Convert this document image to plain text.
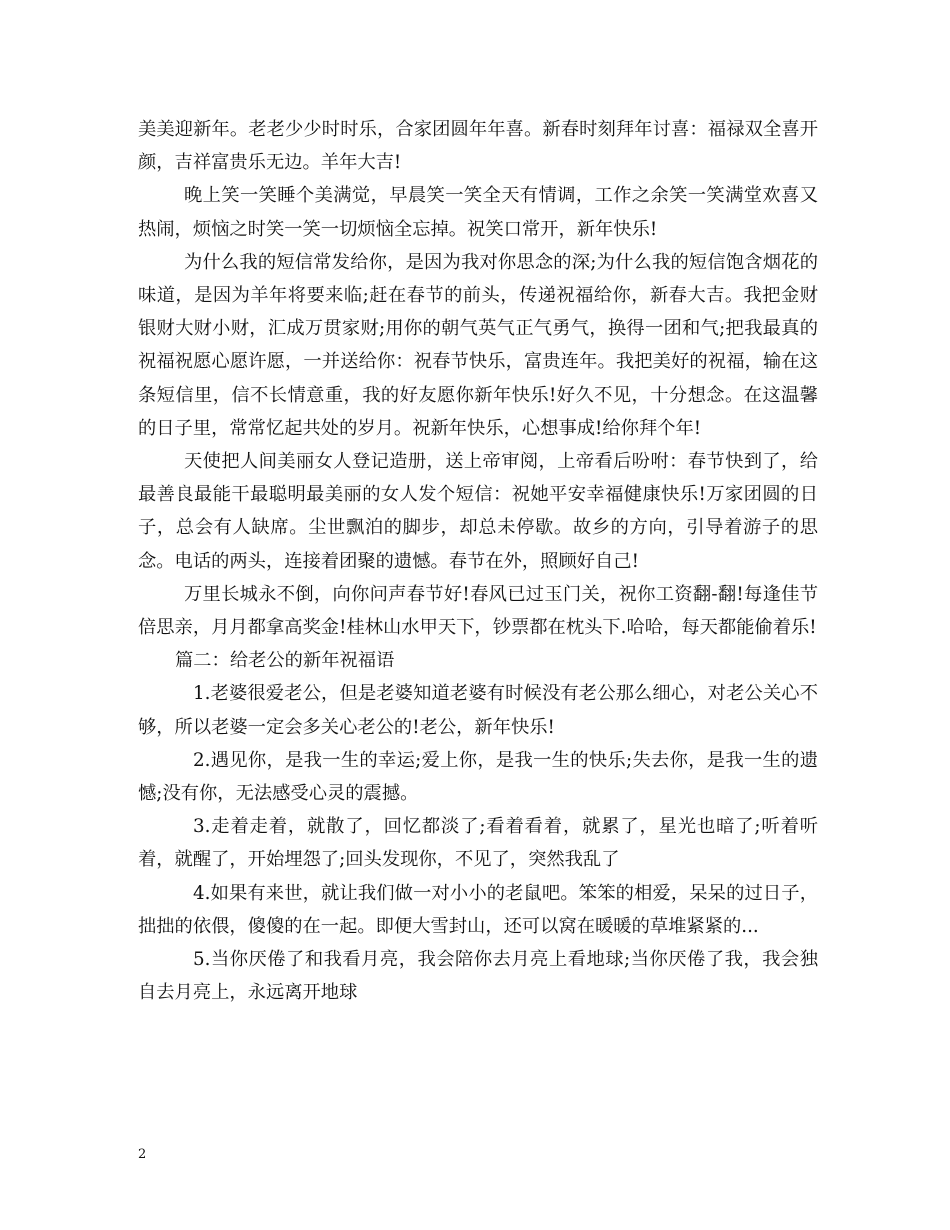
美美迎新年。老老少少时时乐，合家团圆年年喜。新春时刻拜年讨喜：福禄双全喜开颜，吉祥富贵乐无边。羊年大吉!

晚上笑一笑睡个美满觉，早晨笑一笑全天有情调，工作之余笑一笑满堂欢喜又热闹，烦恼之时笑一笑一切烦恼全忘掉。祝笑口常开，新年快乐!

为什么我的短信常发给你，是因为我对你思念的深;为什么我的短信饱含烟花的味道，是因为羊年将要来临;赶在春节的前头，传递祝福给你，新春大吉。我把金财银财大财小财，汇成万贯家财;用你的朝气英气正气勇气，换得一团和气;把我最真的祝福祝愿心愿许愿，一并送给你：祝春节快乐，富贵连年。我把美好的祝福，输在这条短信里，信不长情意重，我的好友愿你新年快乐!好久不见，十分想念。在这温馨的日子里，常常忆起共处的岁月。祝新年快乐，心想事成!给你拜个年!

天使把人间美丽女人登记造册，送上帝审阅，上帝看后吩咐：春节快到了，给最善良最能干最聪明最美丽的女人发个短信：祝她平安幸福健康快乐!万家团圆的日子，总会有人缺席。尘世飘泊的脚步，却总未停歇。故乡的方向，引导着游子的思念。电话的两头，连接着团聚的遗憾。春节在外，照顾好自己!

万里长城永不倒，向你问声春节好!春风已过玉门关，祝你工资翻-翻!每逢佳节倍思亲，月月都拿高奖金!桂林山水甲天下，钞票都在枕头下.哈哈，每天都能偷着乐!

篇二：给老公的新年祝福语

1.老婆很爱老公，但是老婆知道老婆有时候没有老公那么细心，对老公关心不够，所以老婆一定会多关心老公的!老公，新年快乐!

2.遇见你，是我一生的幸运;爱上你，是我一生的快乐;失去你，是我一生的遗憾;没有你，无法感受心灵的震撼。

3.走着走着，就散了，回忆都淡了;看着看着，就累了，星光也暗了;听着听着，就醒了，开始埋怨了;回头发现你，不见了，突然我乱了

4.如果有来世，就让我们做一对小小的老鼠吧。笨笨的相爱，呆呆的过日子，拙拙的依偎，傻傻的在一起。即便大雪封山，还可以窝在暖暖的草堆紧紧的...

5.当你厌倦了和我看月亮，我会陪你去月亮上看地球;当你厌倦了我，我会独自去月亮上，永远离开地球

2
